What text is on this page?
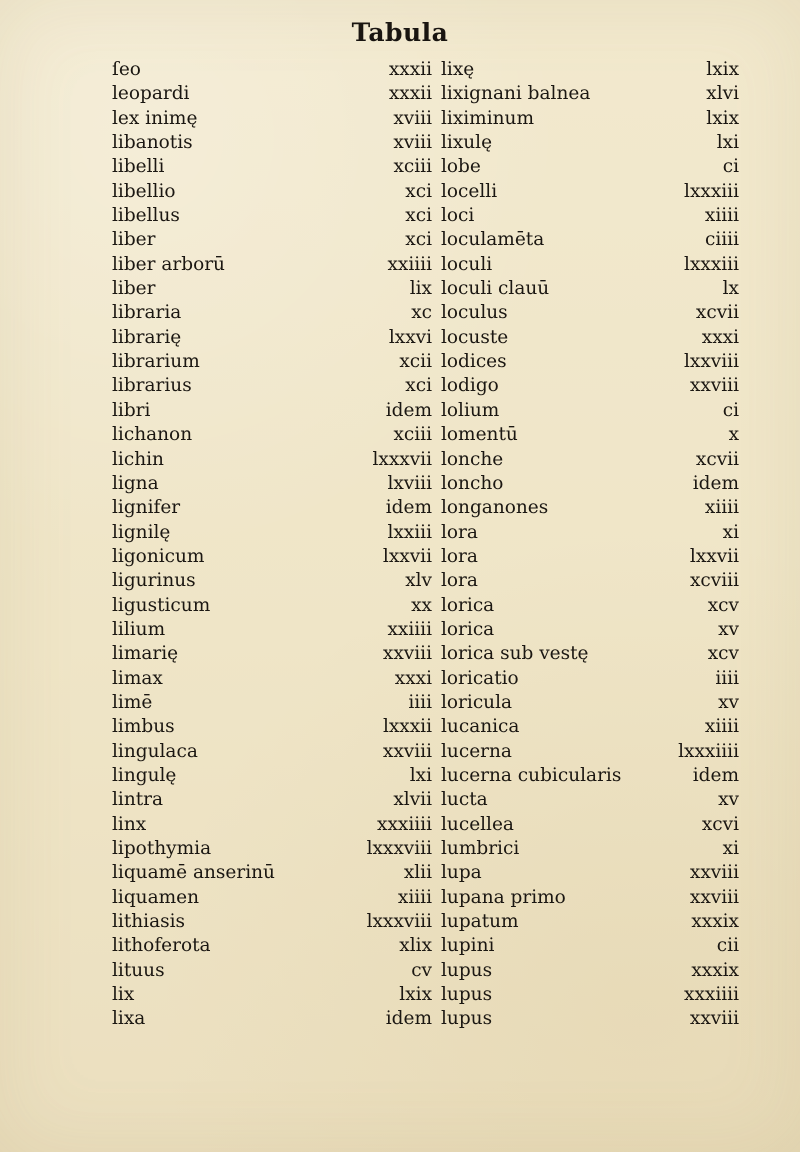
Tabula
ſeo	xxxii
leopardi	xxxii
lex inimę	xviii
libanotis	xviii
libelli	xciii
libellio	xci
libellus	xci
liber	xci
liber arborū	xxiiii
liber	lix
libraria	xc
librarię	lxxvi
librarium	xcii
librarius	xci
libri	idem
lichanon	xciii
lichin	lxxxvii
ligna	lxviii
lignifer	idem
lignilę	lxxiii
ligonicum	lxxvii
ligurinus	xlv
ligusticum	xx
lilium	xxiiii
limarię	xxviii
limax	xxxi
limē	iiii
limbus	lxxxii
lingulaca	xxviii
lingulę	lxi
lintra	xlvii
linx	xxxiiii
lipothymia	lxxxviii
liquamē anserinū	xlii
liquamen	xiiii
lithiasis	lxxxviii
lithoferota	xlix
lituus	cv
lix	lxix
lixa	idem
lixę	lxix
lixignani balnea	xlvi
liximinum	lxix
lixulę	lxi
lobe	ci
locelli	lxxxiii
loci	xiiii
loculamēta	ciiii
loculi	lxxxiii
loculi clauū	lx
loculus	xcvii
locuste	xxxi
lodices	lxxviii
lodigo	xxviii
lolium	ci
lomentū	x
lonche	xcvii
loncho	idem
longanones	xiiii
lora	xi
lora	lxxvii
lora	xcviii
lorica	xcv
lorica	xv
lorica sub vestę	xcv
loricatio	iiii
loricula	xv
lucanica	xiiii
lucerna	lxxxiiii
lucerna cubicularis	idem
lucta	xv
lucellea	xcvi
lumbrici	xi
lupa	xxviii
lupana primo	xxviii
lupatum	xxxix
lupini	cii
lupus	xxxix
lupus	xxxiiii
lupus	xxviii
